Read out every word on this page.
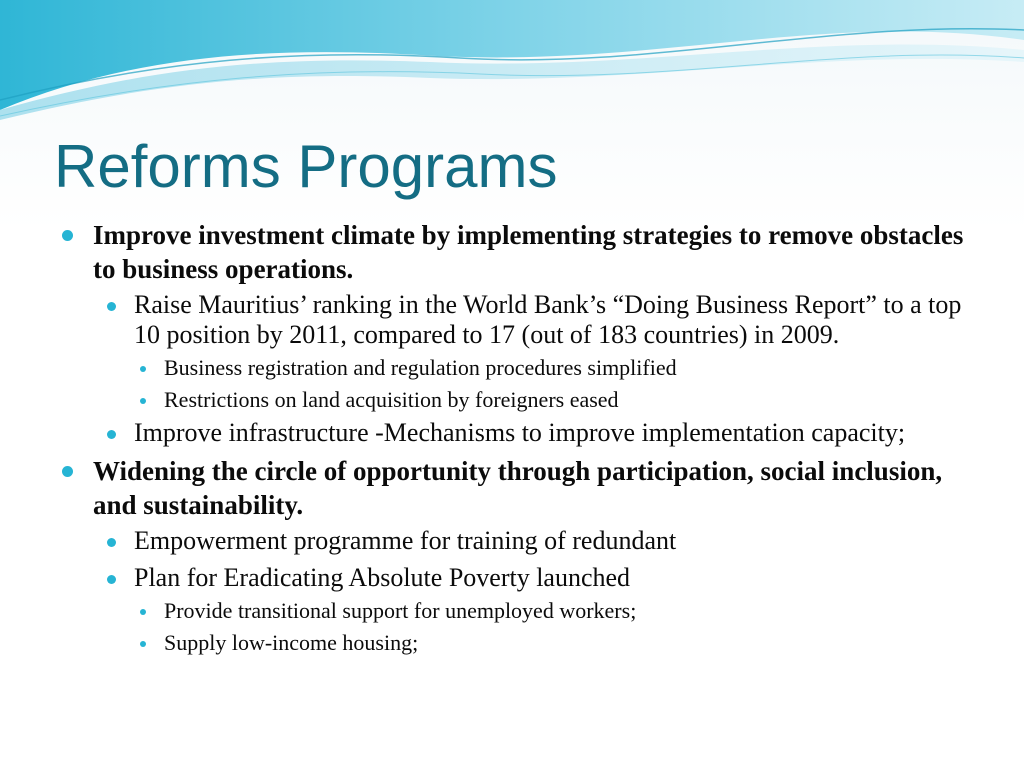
Reforms Programs
Improve investment climate by implementing strategies to remove obstacles to business operations.
Raise Mauritius’ ranking in the World Bank’s “Doing Business Report” to a top 10 position by 2011, compared to 17 (out of 183 countries) in 2009.
Business registration and regulation procedures simplified
Restrictions on land acquisition by foreigners eased
Improve infrastructure -Mechanisms to improve implementation capacity;
Widening the circle of opportunity through participation, social inclusion, and sustainability.
Empowerment programme for training of redundant
Plan for Eradicating Absolute Poverty launched
Provide transitional support for unemployed workers;
Supply low-income housing;
